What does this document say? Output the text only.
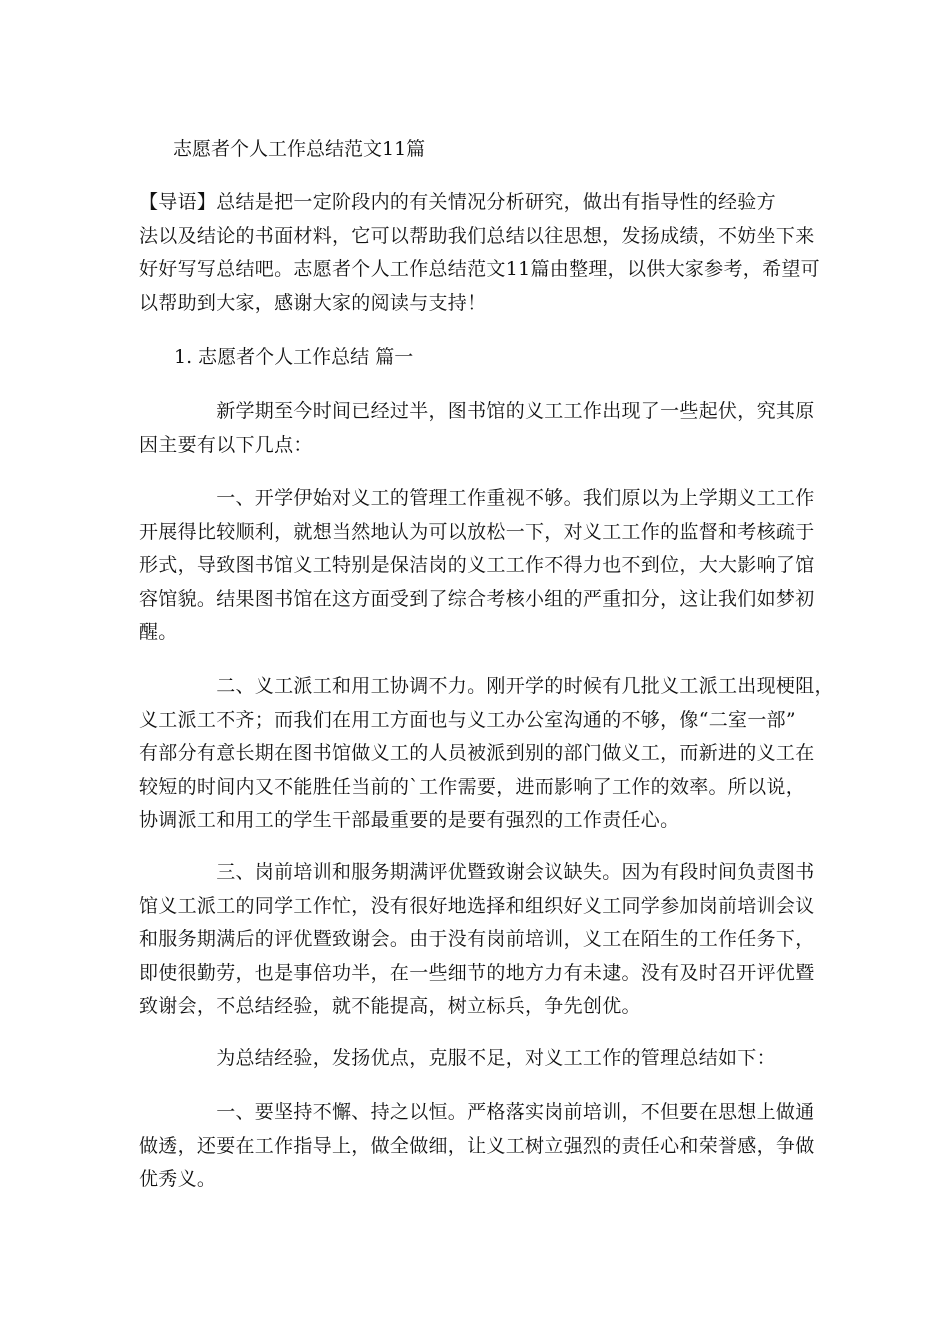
志愿者个人工作总结范文11篇
【导语】总结是把一定阶段内的有关情况分析研究，做出有指导性的经验方
法以及结论的书面材料，它可以帮助我们总结以往思想，发扬成绩，不妨坐下来
好好写写总结吧。志愿者个人工作总结范文11篇由整理，以供大家参考，希望可
以帮助到大家，感谢大家的阅读与支持！
1. 志愿者个人工作总结 篇一
　　　　新学期至今时间已经过半，图书馆的义工工作出现了一些起伏，究其原
因主要有以下几点：
　　　　一、开学伊始对义工的管理工作重视不够。我们原以为上学期义工工作
开展得比较顺利，就想当然地认为可以放松一下，对义工工作的监督和考核疏于
形式，导致图书馆义工特别是保洁岗的义工工作不得力也不到位，大大影响了馆
容馆貌。结果图书馆在这方面受到了综合考核小组的严重扣分，这让我们如梦初
醒。
　　　　二、义工派工和用工协调不力。刚开学的时候有几批义工派工出现梗阻，
义工派工不齐；而我们在用工方面也与义工办公室沟通的不够，像“二室一部”
有部分有意长期在图书馆做义工的人员被派到别的部门做义工，而新进的义工在
较短的时间内又不能胜任当前的`工作需要，进而影响了工作的效率。所以说，
协调派工和用工的学生干部最重要的是要有强烈的工作责任心。
　　　　三、岗前培训和服务期满评优暨致谢会议缺失。因为有段时间负责图书
馆义工派工的同学工作忙，没有很好地选择和组织好义工同学参加岗前培训会议
和服务期满后的评优暨致谢会。由于没有岗前培训，义工在陌生的工作任务下，
即使很勤劳，也是事倍功半，在一些细节的地方力有未逮。没有及时召开评优暨
致谢会，不总结经验，就不能提高，树立标兵，争先创优。
　　　　为总结经验，发扬优点，克服不足，对义工工作的管理总结如下：
　　　　一、要坚持不懈、持之以恒。严格落实岗前培训，不但要在思想上做通
做透，还要在工作指导上，做全做细，让义工树立强烈的责任心和荣誉感，争做
优秀义。
